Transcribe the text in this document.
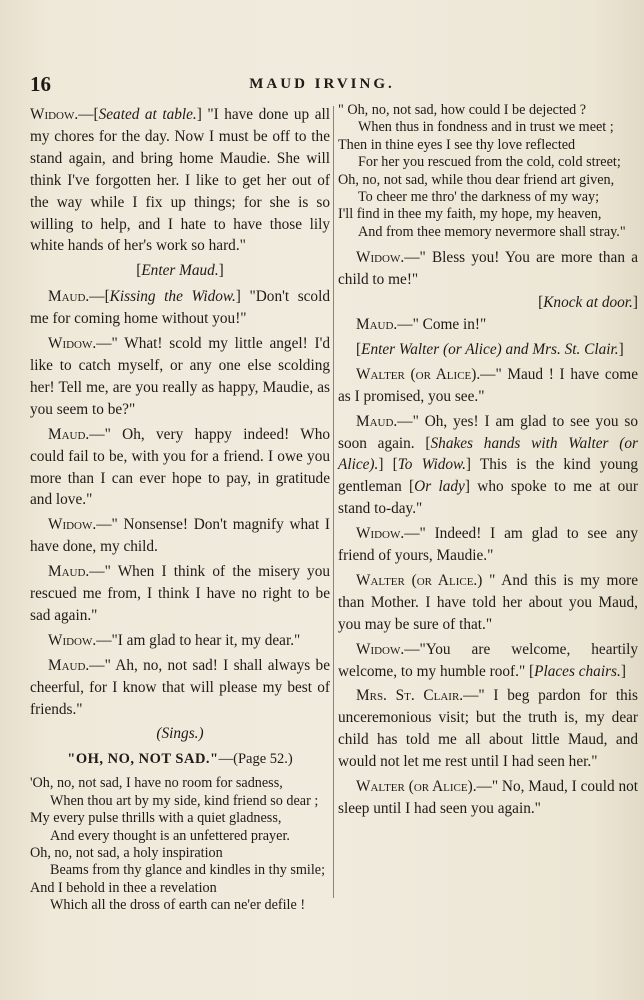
16	MAUD IRVING.

Widow.—[Seated at table.] "I have done up all my chores for the day. Now I must be off to the stand again, and bring home Maudie. She will think I've forgotten her. I like to get her out of the way while I fix up things; for she is so willing to help, and I hate to have those lily white hands of her's work so hard."

[Enter Maud.]

Maud.—[Kissing the Widow.] "Don't scold me for coming home without you!"

Widow.—" What! scold my little angel! I'd like to catch myself, or any one else scolding her! Tell me, are you really as happy, Maudie, as you seem to be?"

Maud.—" Oh, very happy indeed! Who could fail to be, with you for a friend. I owe you more than I can ever hope to pay, in gratitude and love."

Widow.—" Nonsense! Don't magnify what I have done, my child.

Maud.—" When I think of the misery you rescued me from, I think I have no right to be sad again."

Widow.—"I am glad to hear it, my dear."

Maud.—" Ah, no, not sad! I shall always be cheerful, for I know that will please my best of friends."

(Sings.)

"OH, NO, NOT SAD."—(Page 52.)
'Oh, no, not sad, I have no room for sadness,
When thou art by my side, kind friend so dear ;
My every pulse thrills with a quiet gladness,
And every thought is an unfettered prayer.
Oh, no, not sad, a holy inspiration
Beams from thy glance and kindles in thy smile;
And I behold in thee a revelation
Which all the dross of earth can ne'er defile !
" Oh, no, not sad, how could I be dejected ?
When thus in fondness and in trust we meet ;
Then in thine eyes I see thy love reflected
For her you rescued from the cold, cold street;
Oh, no, not sad, while thou dear friend art given,
To cheer me thro' the darkness of my way;
I'll find in thee my faith, my hope, my heaven,
And from thee memory nevermore shall stray."

Widow.—" Bless you! You are more than a child to me!"

[Knock at door.]

Maud.—" Come in!"

[Enter Walter (or Alice) and Mrs. St. Clair.]

Walter (or Alice).—" Maud ! I have come as I promised, you see."

Maud.—" Oh, yes! I am glad to see you so soon again. [Shakes hands with Walter (or Alice).] [To Widow.] This is the kind young gentleman [Or lady] who spoke to me at our stand to-day."

Widow.—" Indeed! I am glad to see any friend of yours, Maudie."

Walter (or Alice.) " And this is my more than Mother. I have told her about you Maud, you may be sure of that."

Widow.—"You are welcome, heartily welcome, to my humble roof." [Places chairs.]

Mrs. St. Clair.—" I beg pardon for this unceremonious visit; but the truth is, my dear child has told me all about little Maud, and would not let me rest until I had seen her."

Walter (or Alice).—" No, Maud, I could not sleep until I had seen you again."
